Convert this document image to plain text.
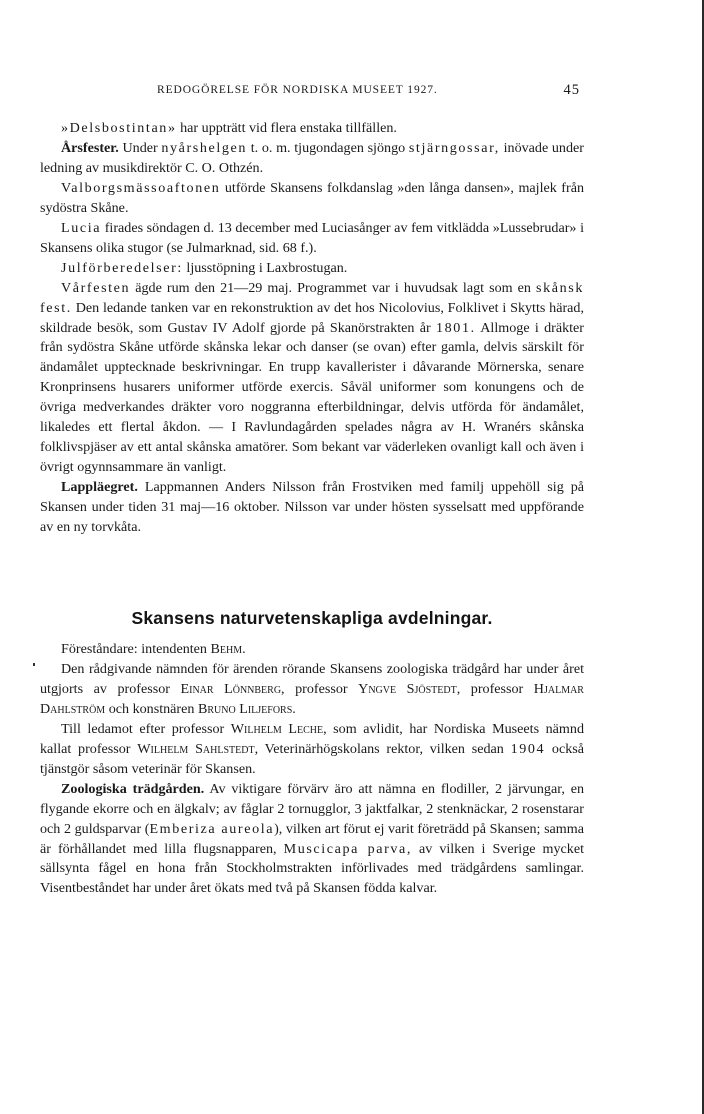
REDOGÖRELSE FÖR NORDISKA MUSEET 1927.	45

»Delsbostintan» har uppträtt vid flera enstaka tillfällen.

Årsfester. Under nyårshelgen t. o. m. tjugondagen sjöngo stjärngossar, inövade under ledning av musikdirektör C. O. Othzén.

Valborgsmässoaftonen utförde Skansens folkdanslag »den långa dansen», majlek från sydöstra Skåne.

Lucia firades söndagen d. 13 december med Luciasånger av fem vitklädda »Lussebrudar» i Skansens olika stugor (se Julmarknad, sid. 68 f.).

Julförberedelser: ljusstöpning i Laxbrostugan.

Vårfesten ägde rum den 21—29 maj. Programmet var i huvudsak lagt som en skånsk fest. Den ledande tanken var en rekonstruktion av det hos Nicolovius, Folklivet i Skytts härad, skildrade besök, som Gustav IV Adolf gjorde på Skanörstrakten år 1801. Allmoge i dräkter från sydöstra Skåne utförde skånska lekar och danser (se ovan) efter gamla, delvis särskilt för ändamålet upptecknade beskrivningar. En trupp kavallerister i dåvarande Mörnerska, senare Kronprinsens husarers uniformer utförde exercis. Såväl uniformer som konungens och de övriga medverkandes dräkter voro noggranna efterbildningar, delvis utförda för ändamålet, likaledes ett flertal åkdon. — I Ravlundagården spelades några av H. Wranérs skånska folklivspjäser av ett antal skånska amatörer. Som bekant var väderleken ovanligt kall och även i övrigt ogynnsammare än vanligt.

Lappläegret. Lappmannen Anders Nilsson från Frostviken med familj uppehöll sig på Skansen under tiden 31 maj—16 oktober. Nilsson var under hösten sysselsatt med uppförande av en ny torvkåta.

Skansens naturvetenskapliga avdelningar.

Föreståndare: intendenten Behm.

Den rådgivande nämnden för ärenden rörande Skansens zoologiska trädgård har under året utgjorts av professor Einar Lönnberg, professor Yngve Sjöstedt, professor Hjalmar Dahlström och konstnären Bruno Liljefors.

Till ledamot efter professor Wilhelm Leche, som avlidit, har Nordiska Museets nämnd kallat professor Wilhelm Sahlstedt, Veterinärhögskolans rektor, vilken sedan 1904 också tjänstgör såsom veterinär för Skansen.

Zoologiska trädgården. Av viktigare förvärv äro att nämna en flodiller, 2 järvungar, en flygande ekorre och en älgkalv; av fåglar 2 tornugglor, 3 jaktfalkar, 2 stenknäckar, 2 rosenstarar och 2 guldsparvar (Emberiza aureola), vilken art förut ej varit företrädd på Skansen; samma är förhållandet med lilla flugsnapparen, Muscicapa parva, av vilken i Sverige mycket sällsynta fågel en hona från Stockholmstrakten införlivades med trädgårdens samlingar. Visentbeståndet har under året ökats med två på Skansen födda kalvar.
